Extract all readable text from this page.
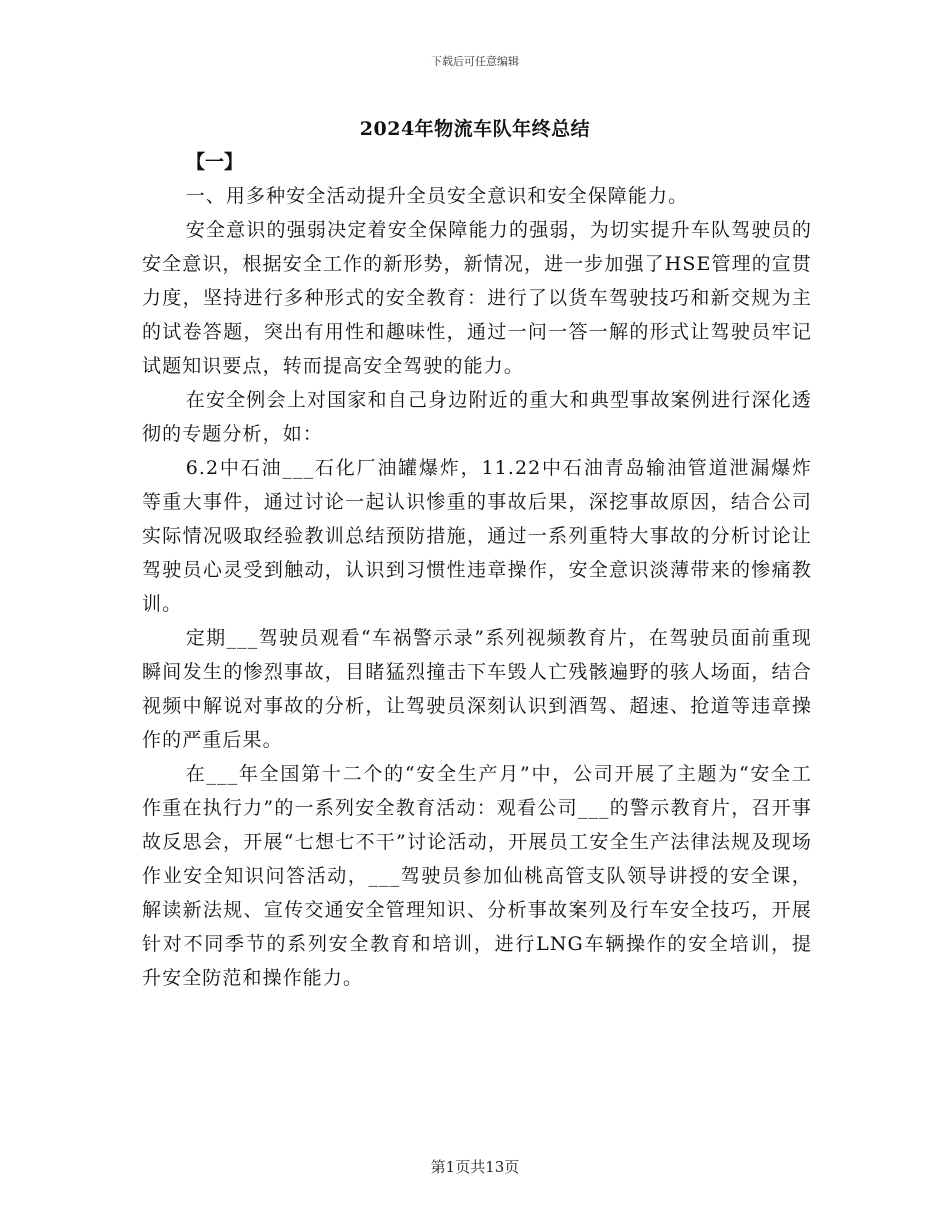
下载后可任意编辑
2024年物流车队年终总结

【一】

一、用多种安全活动提升全员安全意识和安全保障能力。

安全意识的强弱决定着安全保障能力的强弱，为切实提升车队驾驶员的安全意识，根据安全工作的新形势，新情况，进一步加强了HSE管理的宣贯力度，坚持进行多种形式的安全教育：进行了以货车驾驶技巧和新交规为主的试卷答题，突出有用性和趣味性，通过一问一答一解的形式让驾驶员牢记试题知识要点，转而提高安全驾驶的能力。

在安全例会上对国家和自己身边附近的重大和典型事故案例进行深化透彻的专题分析，如：

6.2中石油___石化厂油罐爆炸，11.22中石油青岛输油管道泄漏爆炸等重大事件，通过讨论一起认识惨重的事故后果，深挖事故原因，结合公司实际情况吸取经验教训总结预防措施，通过一系列重特大事故的分析讨论让驾驶员心灵受到触动，认识到习惯性违章操作，安全意识淡薄带来的惨痛教训。

定期___驾驶员观看“车祸警示录”系列视频教育片，在驾驶员面前重现瞬间发生的惨烈事故，目睹猛烈撞击下车毁人亡残骸遍野的骇人场面，结合视频中解说对事故的分析，让驾驶员深刻认识到酒驾、超速、抢道等违章操作的严重后果。

在___年全国第十二个的“安全生产月”中，公司开展了主题为“安全工作重在执行力”的一系列安全教育活动：观看公司___的警示教育片，召开事故反思会，开展“七想七不干”讨论活动，开展员工安全生产法律法规及现场作业安全知识问答活动，___驾驶员参加仙桃高管支队领导讲授的安全课，解读新法规、宣传交通安全管理知识、分析事故案列及行车安全技巧，开展针对不同季节的系列安全教育和培训，进行LNG车辆操作的安全培训，提升安全防范和操作能力。

第1页共13页
